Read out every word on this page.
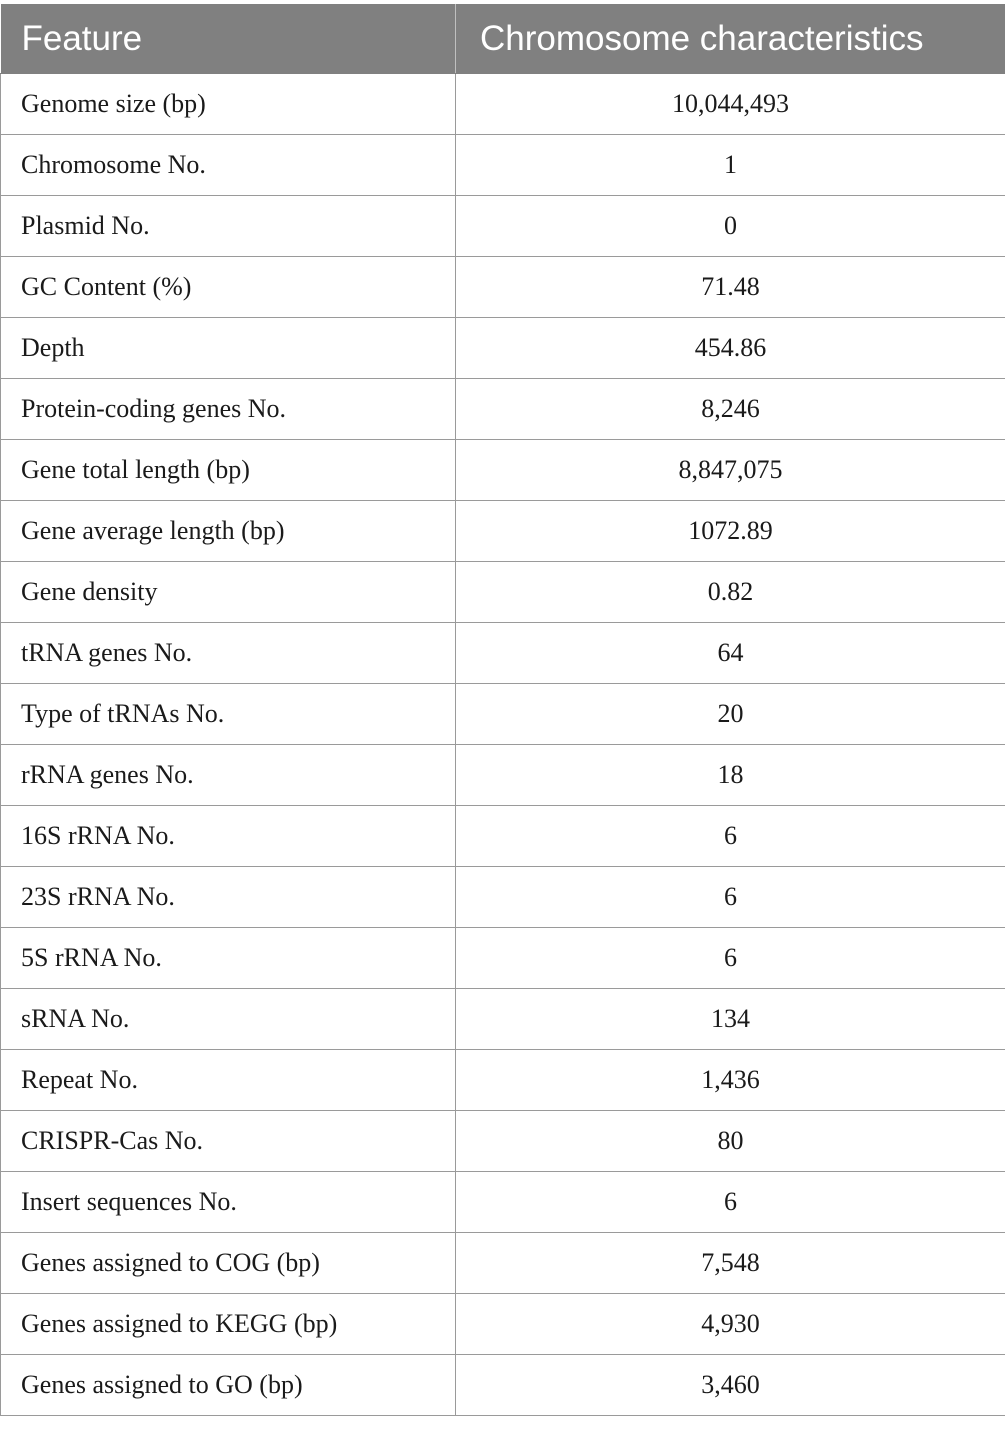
Feature	Chromosome characteristics
Genome size (bp)	10,044,493
Chromosome No.	1
Plasmid No.	0
GC Content (%)	71.48
Depth	454.86
Protein-coding genes No.	8,246
Gene total length (bp)	8,847,075
Gene average length (bp)	1072.89
Gene density	0.82
tRNA genes No.	64
Type of tRNAs No.	20
rRNA genes No.	18
16S rRNA No.	6
23S rRNA No.	6
5S rRNA No.	6
sRNA No.	134
Repeat No.	1,436
CRISPR-Cas No.	80
Insert sequences No.	6
Genes assigned to COG (bp)	7,548
Genes assigned to KEGG (bp)	4,930
Genes assigned to GO (bp)	3,460
